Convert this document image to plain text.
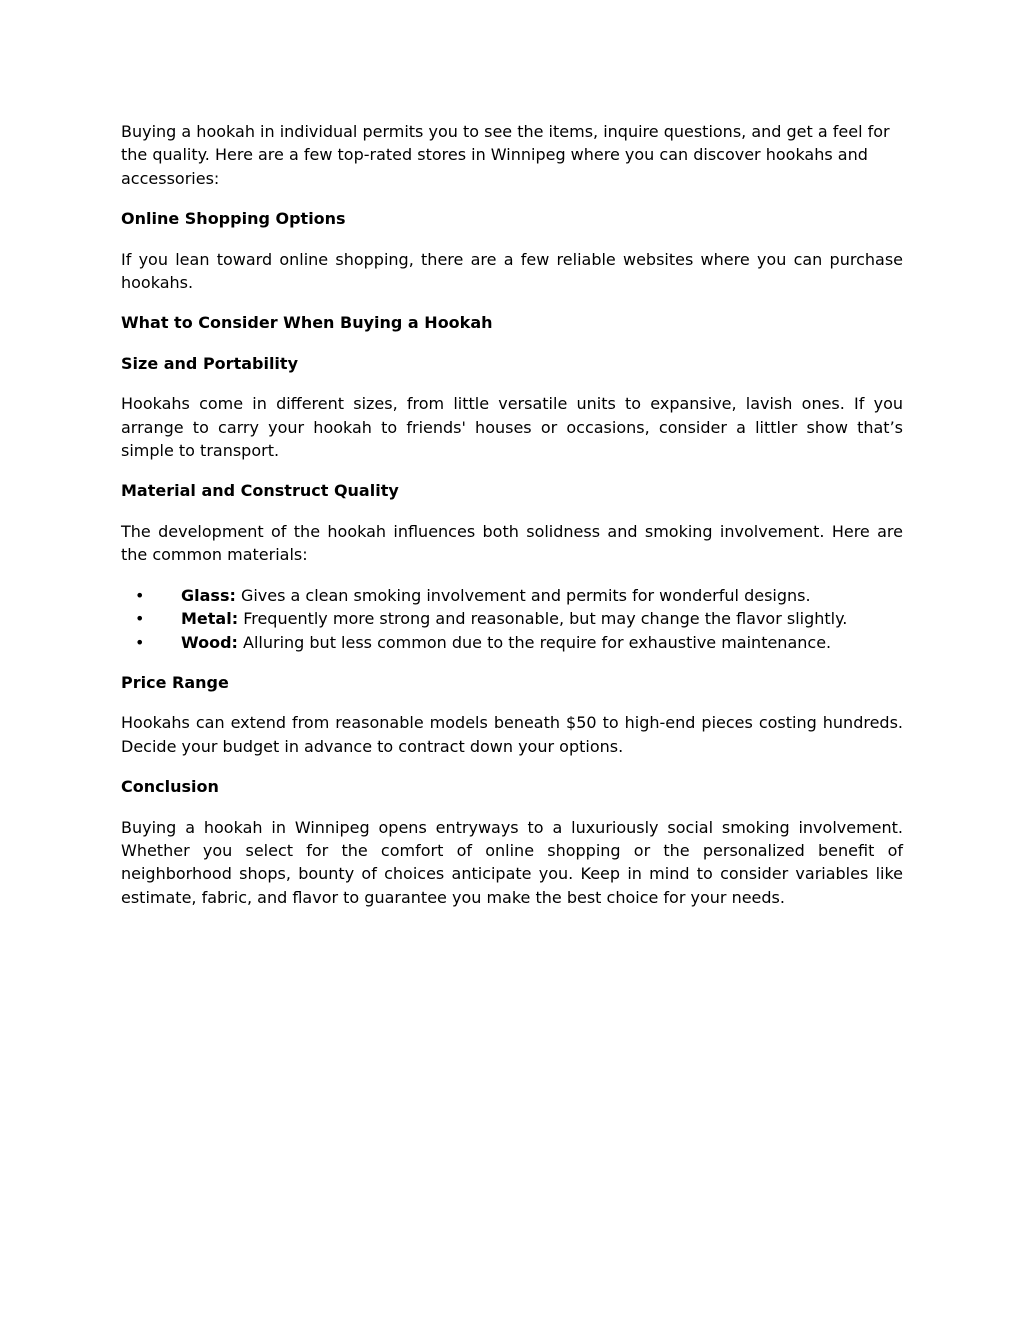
Buying a hookah in individual permits you to see the items, inquire questions, and get a feel for the quality. Here are a few top-rated stores in Winnipeg where you can discover hookahs and accessories:

Online Shopping Options

If you lean toward online shopping, there are a few reliable websites where you can purchase hookahs.

What to Consider When Buying a Hookah
Size and Portability

Hookahs come in different sizes, from little versatile units to expansive, lavish ones. If you arrange to carry your hookah to friends' houses or occasions, consider a littler show that’s simple to transport.

Material and Construct Quality

The development of the hookah influences both solidness and smoking involvement. Here are the common materials:

• Glass: Gives a clean smoking involvement and permits for wonderful designs.
• Metal: Frequently more strong and reasonable, but may change the flavor slightly.
• Wood: Alluring but less common due to the require for exhaustive maintenance.
Price Range

Hookahs can extend from reasonable models beneath $50 to high-end pieces costing hundreds. Decide your budget in advance to contract down your options.

Conclusion

Buying a hookah in Winnipeg opens entryways to a luxuriously social smoking involvement. Whether you select for the comfort of online shopping or the personalized benefit of neighborhood shops, bounty of choices anticipate you. Keep in mind to consider variables like estimate, fabric, and flavor to guarantee you make the best choice for your needs.
